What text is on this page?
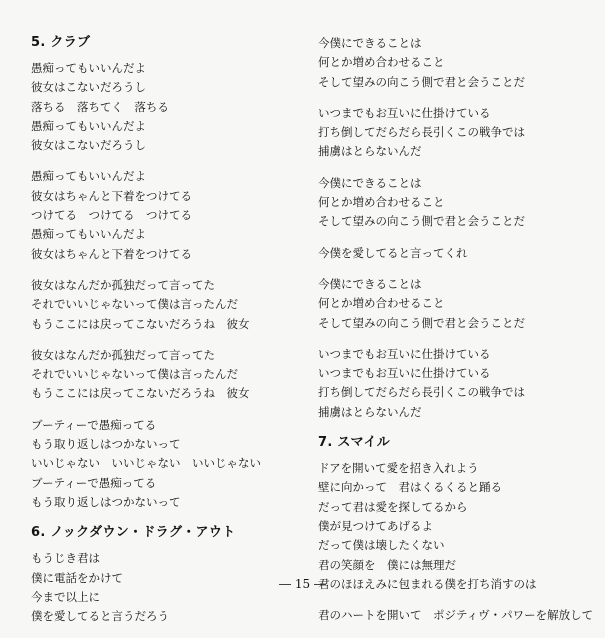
5. クラブ
愚痴ってもいいんだよ
彼女はこないだろうし
落ちる　落ちてく　落ちる
愚痴ってもいいんだよ
彼女はこないだろうし
愚痴ってもいいんだよ
彼女はちゃんと下着をつけてる
つけてる　つけてる　つけてる
愚痴ってもいいんだよ
彼女はちゃんと下着をつけてる
彼女はなんだか孤独だって言ってた
それでいいじゃないって僕は言ったんだ
もうここには戻ってこないだろうね　彼女
彼女はなんだか孤独だって言ってた
それでいいじゃないって僕は言ったんだ
もうここには戻ってこないだろうね　彼女
ブーティーで愚痴ってる
もう取り返しはつかないって
いいじゃない　いいじゃない　いいじゃない
ブーティーで愚痴ってる
もう取り返しはつかないって
6. ノックダウン・ドラグ・アウト
もうじき君は
僕に電話をかけて
今まで以上に
僕を愛してると言うだろう
今僕にできることは
何とか増め合わせること
そして望みの向こう側で君と会うことだ
いつまでもお互いに仕掛けている
打ち倒してだらだら長引くこの戦争では
捕虜はとらないんだ
今僕にできることは
何とか増め合わせること
そして望みの向こう側で君と会うことだ
今僕を愛してると言ってくれ
今僕にできることは
何とか増め合わせること
そして望みの向こう側で君と会うことだ
いつまでもお互いに仕掛けている
いつまでもお互いに仕掛けている
打ち倒してだらだら長引くこの戦争では
捕虜はとらないんだ
7. スマイル
ドアを開いて愛を招き入れよう
壁に向かって　君はくるくると踊る
だって君は愛を探してるから
僕が見つけてあげるよ
だって僕は壊したくない
君の笑顔を　僕には無理だ
君のほほえみに包まれる僕を打ち消すのは
君のハートを開いて　ポジティヴ・パワーを解放して
― 15 ―
